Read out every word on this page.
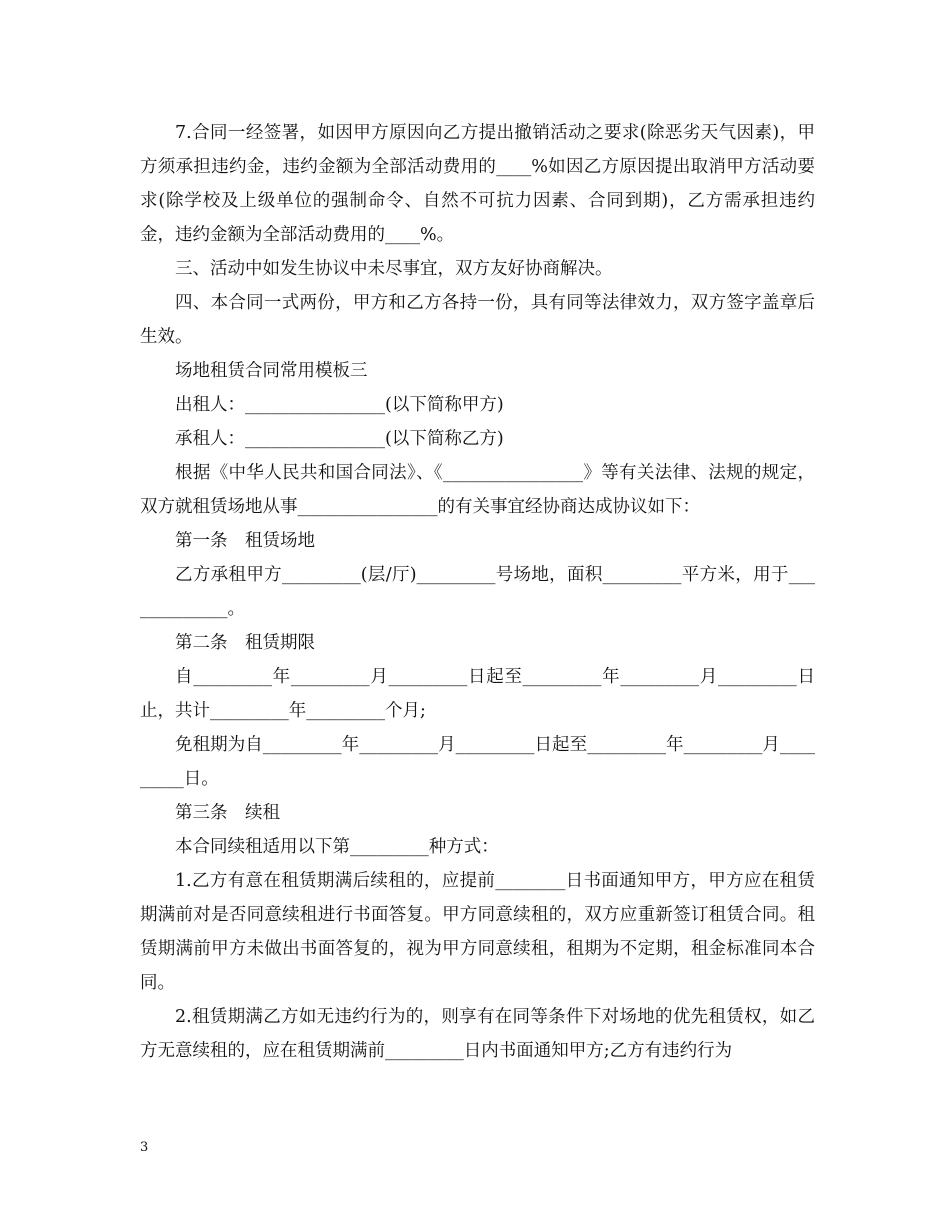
7.合同一经签署，如因甲方原因向乙方提出撤销活动之要求(除恶劣天气因素)，甲方须承担违约金，违约金额为全部活动费用的____%如因乙方原因提出取消甲方活动要求(除学校及上级单位的强制命令、自然不可抗力因素、合同到期)，乙方需承担违约金，违约金额为全部活动费用的____%。

三、活动中如发生协议中未尽事宜，双方友好协商解决。

四、本合同一式两份，甲方和乙方各持一份，具有同等法律效力，双方签字盖章后生效。

场地租赁合同常用模板三

出租人：________________(以下简称甲方)

承租人：________________(以下简称乙方)

根据《中华人民共和国合同法》、《________________》等有关法律、法规的规定，双方就租赁场地从事________________的有关事宜经协商达成协议如下：

第一条　租赁场地

乙方承租甲方_________(层/厅)_________号场地，面积_________平方米，用于_____________。

第二条　租赁期限

自_________年_________月_________日起至_________年_________月_________日止，共计_________年_________个月;

免租期为自_________年_________月_________日起至_________年_________月_________日。

第三条　续租

本合同续租适用以下第_________种方式：

1.乙方有意在租赁期满后续租的，应提前________日书面通知甲方，甲方应在租赁期满前对是否同意续租进行书面答复。甲方同意续租的，双方应重新签订租赁合同。租赁期满前甲方未做出书面答复的，视为甲方同意续租，租期为不定期，租金标准同本合同。

2.租赁期满乙方如无违约行为的，则享有在同等条件下对场地的优先租赁权，如乙方无意续租的，应在租赁期满前_________日内书面通知甲方;乙方有违约行为

3
